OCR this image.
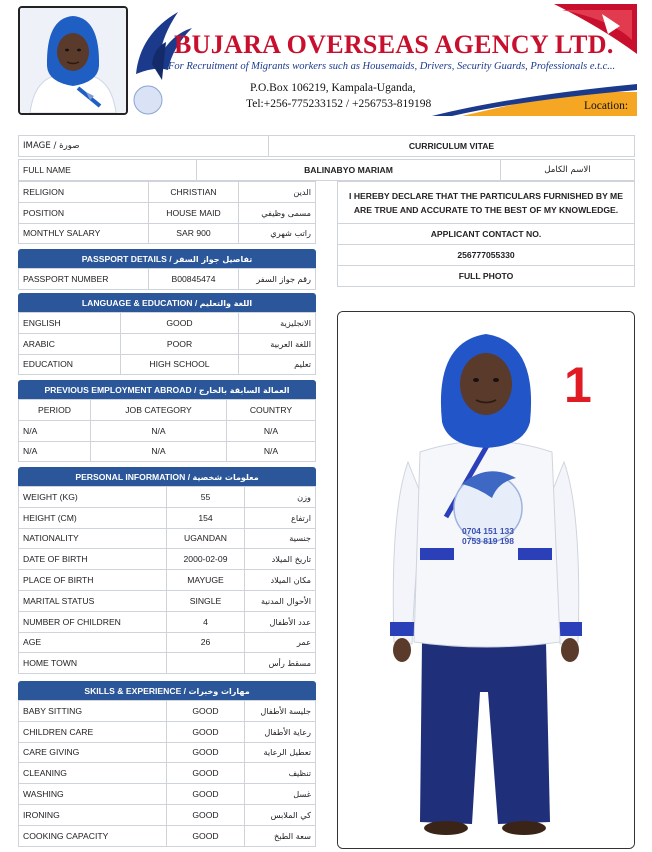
BUJARA OVERSEAS AGENCY LTD.
For Recruitment of Migrants workers such as Housemaids, Drivers, Security Guards, Professionals e.t.c...
P.O.Box 106219, Kampala-Uganda,
Tel:+256-775233152 / +256753-819198	Location:
IMAGE / صورة	CURRICULUM VITAE
FULL NAME	BALINABYO MARIAM	الاسم الكامل
RELIGION	CHRISTIAN	الدين
POSITION	HOUSE MAID	مسمى وظيفي
MONTHLY SALARY	SAR 900	راتب شهري
I HEREBY DECLARE THAT THE PARTICULARS FURNISHED BY ME ARE TRUE AND ACCURATE TO THE BEST OF MY KNOWLEDGE.
APPLICANT CONTACT NO.
256777055330
FULL PHOTO
PASSPORT DETAILS / تفاصيل جواز السفر
PASSPORT NUMBER	B00845474	رقم جواز السفر
LANGUAGE & EDUCATION / اللغة والتعليم
ENGLISH	GOOD	الانجليزية
ARABIC	POOR	اللغة العربية
EDUCATION	HIGH SCHOOL	تعليم
PREVIOUS EMPLOYMENT ABROAD / العمالة السابقة بالخارج
PERIOD	JOB CATEGORY	COUNTRY
N/A	N/A	N/A
N/A	N/A	N/A
PERSONAL INFORMATION / معلومات شخصية
WEIGHT (KG)	55	وزن
HEIGHT (CM)	154	ارتفاع
NATIONALITY	UGANDAN	جنسية
DATE OF BIRTH	2000-02-09	تاريخ الميلاد
PLACE OF BIRTH	MAYUGE	مكان الميلاد
MARITAL STATUS	SINGLE	الأحوال المدنية
NUMBER OF CHILDREN	4	عدد الأطفال
AGE	26	عمر
HOME TOWN		مسقط رأس
SKILLS & EXPERIENCE / مهارات وخبرات
BABY SITTING	GOOD	جليسة الأطفال
CHILDREN CARE	GOOD	رعاية الأطفال
CARE GIVING	GOOD	تعطيل الرعاية
CLEANING	GOOD	تنظيف
WASHING	GOOD	غسل
IRONING	GOOD	كي الملابس
COOKING CAPACITY	GOOD	سعة الطبخ
0704 151 133
0753 819 198
1
